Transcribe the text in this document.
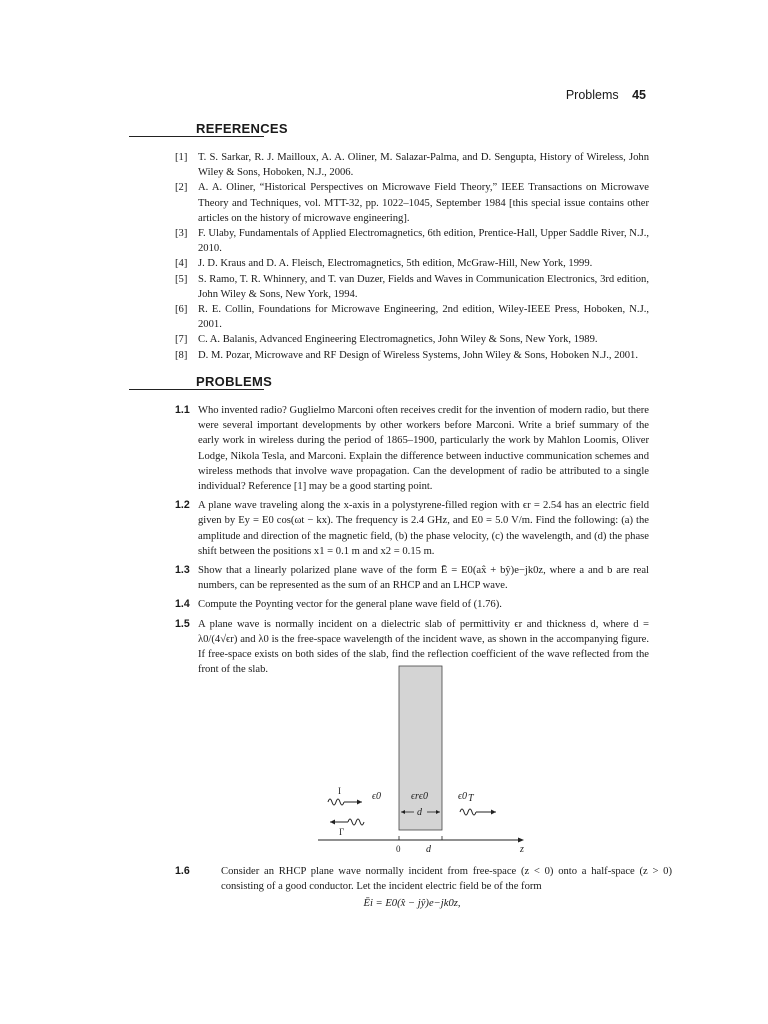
Problems 45
REFERENCES
[1] T. S. Sarkar, R. J. Mailloux, A. A. Oliner, M. Salazar-Palma, and D. Sengupta, History of Wireless, John Wiley & Sons, Hoboken, N.J., 2006.
[2] A. A. Oliner, “Historical Perspectives on Microwave Field Theory,” IEEE Transactions on Microwave Theory and Techniques, vol. MTT-32, pp. 1022–1045, September 1984 [this special issue contains other articles on the history of microwave engineering].
[3] F. Ulaby, Fundamentals of Applied Electromagnetics, 6th edition, Prentice-Hall, Upper Saddle River, N.J., 2010.
[4] J. D. Kraus and D. A. Fleisch, Electromagnetics, 5th edition, McGraw-Hill, New York, 1999.
[5] S. Ramo, T. R. Whinnery, and T. van Duzer, Fields and Waves in Communication Electronics, 3rd edition, John Wiley & Sons, New York, 1994.
[6] R. E. Collin, Foundations for Microwave Engineering, 2nd edition, Wiley-IEEE Press, Hoboken, N.J., 2001.
[7] C. A. Balanis, Advanced Engineering Electromagnetics, John Wiley & Sons, New York, 1989.
[8] D. M. Pozar, Microwave and RF Design of Wireless Systems, John Wiley & Sons, Hoboken N.J., 2001.
PROBLEMS
1.1 Who invented radio? Guglielmo Marconi often receives credit for the invention of modern radio, but there were several important developments by other workers before Marconi. Write a brief summary of the early work in wireless during the period of 1865–1900, particularly the work by Mahlon Loomis, Oliver Lodge, Nikola Tesla, and Marconi. Explain the difference between inductive communication schemes and wireless methods that involve wave propagation. Can the development of radio be attributed to a single individual? Reference [1] may be a good starting point.

1.2 A plane wave traveling along the x-axis in a polystyrene-filled region with ϵr = 2.54 has an electric field given by Ey = E0 cos(ωt − kx). The frequency is 2.4 GHz, and E0 = 5.0 V/m. Find the following: (a) the amplitude and direction of the magnetic field, (b) the phase velocity, (c) the wavelength, and (d) the phase shift between the positions x1 = 0.1 m and x2 = 0.15 m.

1.3 Show that a linearly polarized plane wave of the form Ē = E0(ax̂ + bŷ)e−jk0z, where a and b are real numbers, can be represented as the sum of an RHCP and an LHCP wave.

1.4 Compute the Poynting vector for the general plane wave field of (1.76).

1.5 A plane wave is normally incident on a dielectric slab of permittivity ϵr and thickness d, where d = λ0/(4√ϵr) and λ0 is the free-space wavelength of the incident wave, as shown in the accompanying figure. If free-space exists on both sides of the slab, find the reflection coefficient of the wave reflected from the front of the slab.

I
Γ
T
ϵ0	ϵrϵ0	ϵ0
d
0	d	z
1.6	Consider an RHCP plane wave normally incident from free-space (z < 0) onto a half-space (z > 0) consisting of a good conductor. Let the incident electric field be of the form

Ēi = E0(x̂ − jŷ)e−jk0z,
